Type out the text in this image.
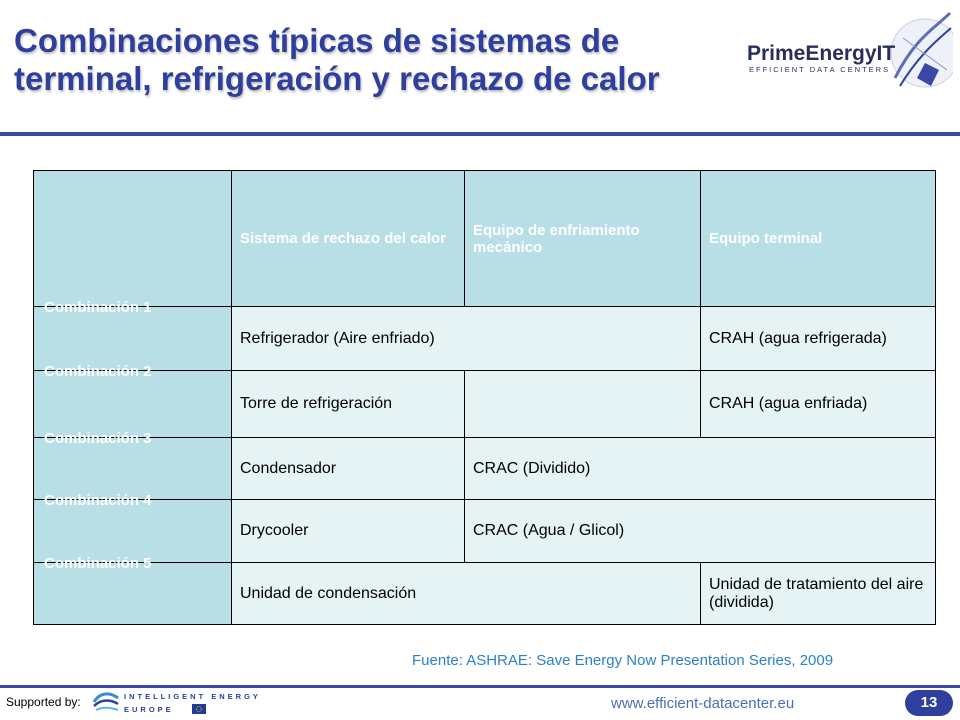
Combinaciones típicas de sistemas de
terminal, refrigeración y rechazo de calor
PrimeEnergyIT
EFFICIENT DATA CENTERS

	Sistema de rechazo del calor	Equipo de enfriamiento mecánico	Equipo terminal

Combinación 1	Refrigerador (Aire enfriado)		CRAH (agua refrigerada)

Combinación 2	Torre de refrigeración		CRAH (agua enfriada)

Combinación 3	Condensador	CRAC (Dividido)	

Combinación 4	Drycooler	CRAC (Agua / Glicol)	

Combinación 5	Unidad de condensación		Unidad de tratamiento del aire (dividida)
Fuente: ASHRAE: Save Energy Now Presentation Series, 2009
Supported by:	INTELLIGENT ENERGY
EUROPE	www.efficient-datacenter.eu	13
